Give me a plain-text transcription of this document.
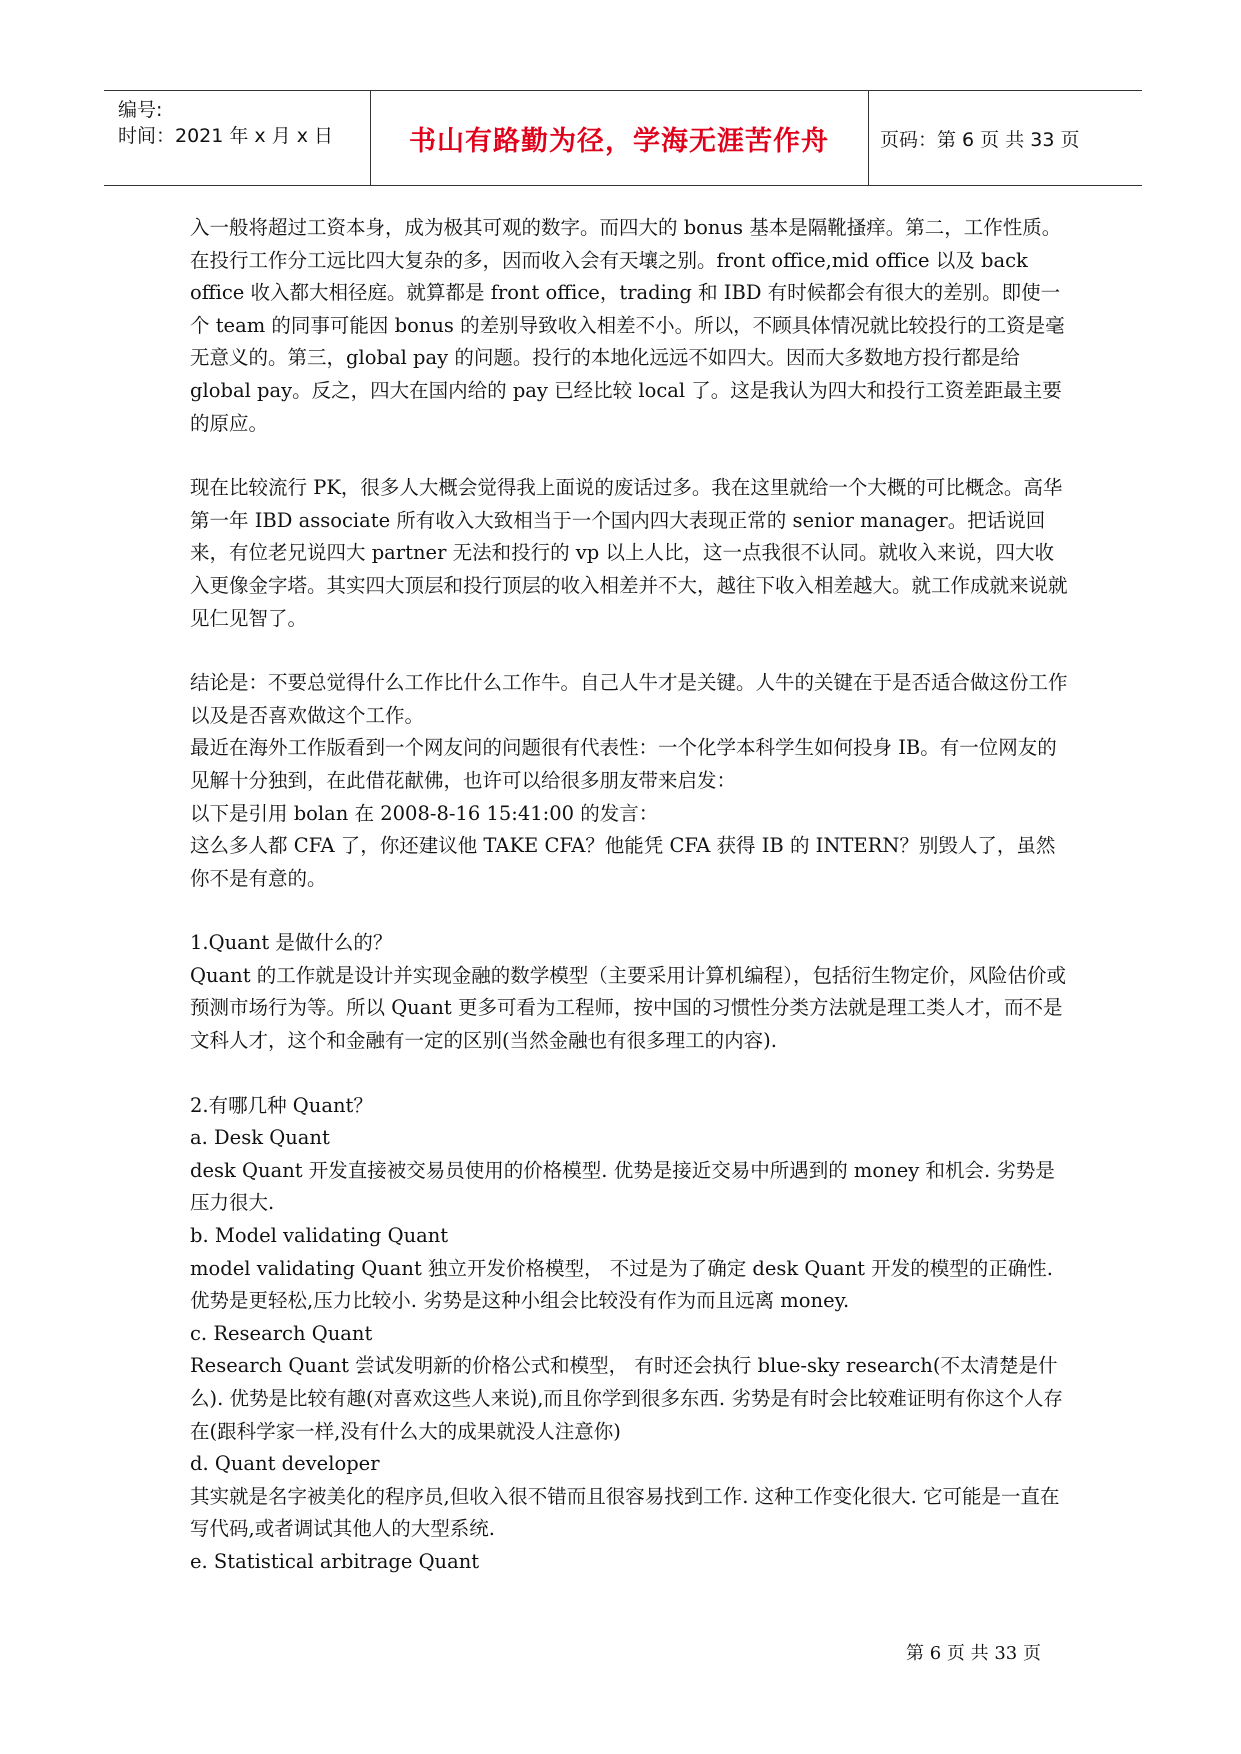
编号:
时间：2021 年 x 月 x 日	书山有路勤为径，学海无涯苦作舟	页码：第 6 页 共 33 页

入一般将超过工资本身，成为极其可观的数字。而四大的 bonus 基本是隔靴搔痒。第二，工作性质。在投行工作分工远比四大复杂的多，因而收入会有天壤之别。front office,mid office 以及 back office 收入都大相径庭。就算都是 front office，trading 和 IBD 有时候都会有很大的差别。即使一个 team 的同事可能因 bonus 的差别导致收入相差不小。所以，不顾具体情况就比较投行的工资是毫无意义的。第三，global pay 的问题。投行的本地化远远不如四大。因而大多数地方投行都是给 global pay。反之，四大在国内给的 pay 已经比较 local 了。这是我认为四大和投行工资差距最主要的原应。

现在比较流行 PK，很多人大概会觉得我上面说的废话过多。我在这里就给一个大概的可比概念。高华第一年 IBD associate 所有收入大致相当于一个国内四大表现正常的 senior manager。把话说回来，有位老兄说四大 partner 无法和投行的 vp 以上人比，这一点我很不认同。就收入来说，四大收入更像金字塔。其实四大顶层和投行顶层的收入相差并不大，越往下收入相差越大。就工作成就来说就见仁见智了。

结论是：不要总觉得什么工作比什么工作牛。自己人牛才是关键。人牛的关键在于是否适合做这份工作以及是否喜欢做这个工作。

最近在海外工作版看到一个网友问的问题很有代表性：一个化学本科学生如何投身 IB。有一位网友的见解十分独到，在此借花献佛，也许可以给很多朋友带来启发：

以下是引用 bolan 在 2008-8-16 15:41:00 的发言：

这么多人都 CFA 了，你还建议他 TAKE CFA？他能凭 CFA 获得 IB 的 INTERN？别毁人了，虽然你不是有意的。

1.Quant 是做什么的？

Quant 的工作就是设计并实现金融的数学模型（主要采用计算机编程），包括衍生物定价，风险估价或预测市场行为等。所以 Quant 更多可看为工程师，按中国的习惯性分类方法就是理工类人才，而不是文科人才，这个和金融有一定的区别(当然金融也有很多理工的内容).

2.有哪几种 Quant？

a. Desk Quant

desk Quant 开发直接被交易员使用的价格模型. 优势是接近交易中所遇到的 money 和机会. 劣势是压力很大.

b. Model validating Quant

model validating Quant 独立开发价格模型， 不过是为了确定 desk Quant 开发的模型的正确性. 优势是更轻松,压力比较小. 劣势是这种小组会比较没有作为而且远离 money.

c. Research Quant

Research Quant 尝试发明新的价格公式和模型， 有时还会执行 blue-sky research(不太清楚是什么). 优势是比较有趣(对喜欢这些人来说),而且你学到很多东西. 劣势是有时会比较难证明有你这个人存在(跟科学家一样,没有什么大的成果就没人注意你)

d. Quant developer

其实就是名字被美化的程序员,但收入很不错而且很容易找到工作. 这种工作变化很大. 它可能是一直在写代码,或者调试其他人的大型系统.

e. Statistical arbitrage Quant

第 6 页 共 33 页
